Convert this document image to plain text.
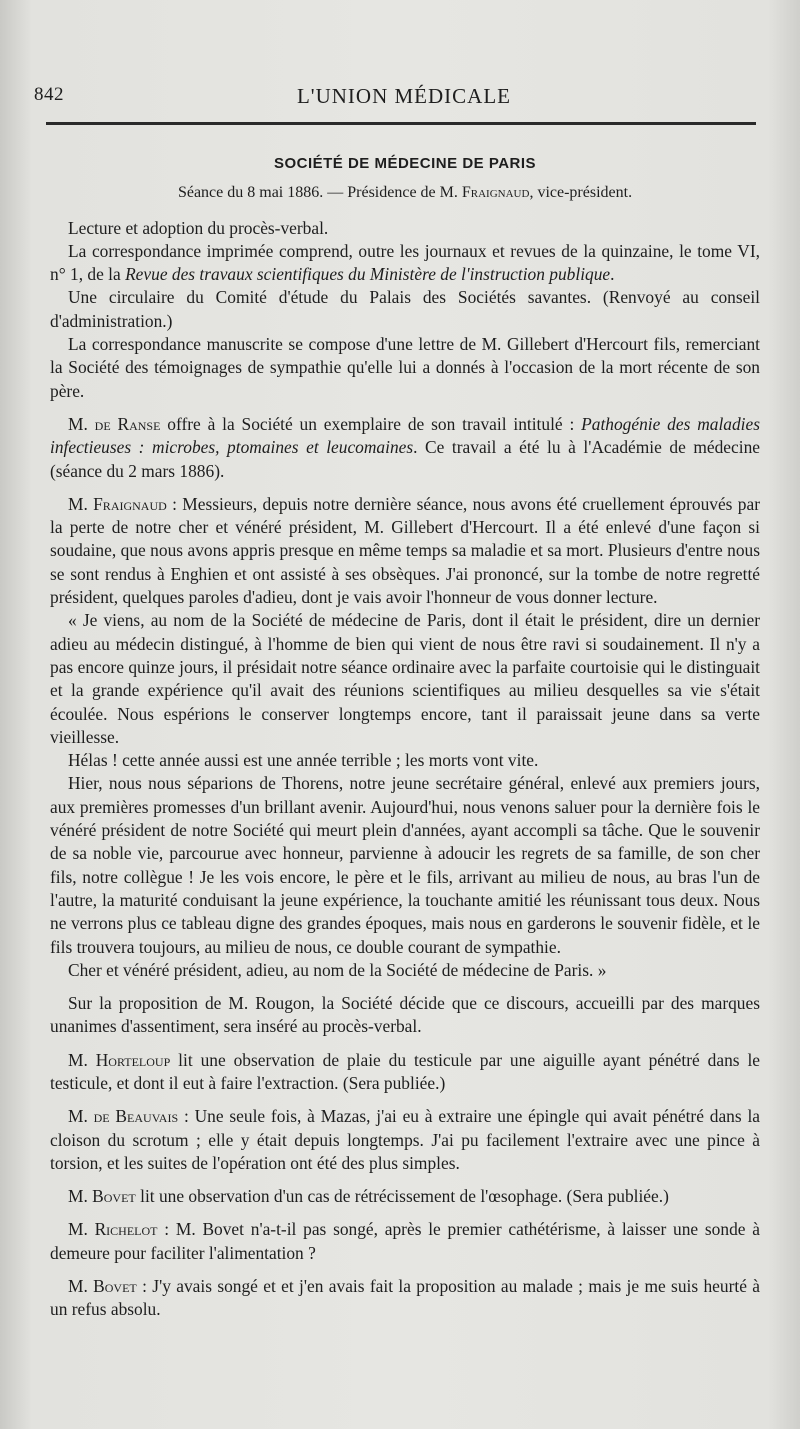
842	L'UNION MÉDICALE
SOCIÉTÉ DE MÉDECINE DE PARIS
Séance du 8 mai 1886. — Présidence de M. Fraignaud, vice-président.

Lecture et adoption du procès-verbal.

La correspondance imprimée comprend, outre les journaux et revues de la quinzaine, le tome VI, n° 1, de la Revue des travaux scientifiques du Ministère de l'instruction publique.

Une circulaire du Comité d'étude du Palais des Sociétés savantes. (Renvoyé au conseil d'administration.)

La correspondance manuscrite se compose d'une lettre de M. Gillebert d'Hercourt fils, remerciant la Société des témoignages de sympathie qu'elle lui a donnés à l'occasion de la mort récente de son père.

M. de Ranse offre à la Société un exemplaire de son travail intitulé : Pathogénie des maladies infectieuses : microbes, ptomaines et leucomaines. Ce travail a été lu à l'Académie de médecine (séance du 2 mars 1886).

M. Fraignaud : Messieurs, depuis notre dernière séance, nous avons été cruellement éprouvés par la perte de notre cher et vénéré président, M. Gillebert d'Hercourt. Il a été enlevé d'une façon si soudaine, que nous avons appris presque en même temps sa maladie et sa mort. Plusieurs d'entre nous se sont rendus à Enghien et ont assisté à ses obsèques. J'ai prononcé, sur la tombe de notre regretté président, quelques paroles d'adieu, dont je vais avoir l'honneur de vous donner lecture.

« Je viens, au nom de la Société de médecine de Paris, dont il était le président, dire un dernier adieu au médecin distingué, à l'homme de bien qui vient de nous être ravi si soudainement. Il n'y a pas encore quinze jours, il présidait notre séance ordinaire avec la parfaite courtoisie qui le distinguait et la grande expérience qu'il avait des réunions scientifiques au milieu desquelles sa vie s'était écoulée. Nous espérions le conserver longtemps encore, tant il paraissait jeune dans sa verte vieillesse.

Hélas ! cette année aussi est une année terrible ; les morts vont vite.

Hier, nous nous séparions de Thorens, notre jeune secrétaire général, enlevé aux premiers jours, aux premières promesses d'un brillant avenir. Aujourd'hui, nous venons saluer pour la dernière fois le vénéré président de notre Société qui meurt plein d'années, ayant accompli sa tâche. Que le souvenir de sa noble vie, parcourue avec honneur, parvienne à adoucir les regrets de sa famille, de son cher fils, notre collègue ! Je les vois encore, le père et le fils, arrivant au milieu de nous, au bras l'un de l'autre, la maturité conduisant la jeune expérience, la touchante amitié les réunissant tous deux. Nous ne verrons plus ce tableau digne des grandes époques, mais nous en garderons le souvenir fidèle, et le fils trouvera toujours, au milieu de nous, ce double courant de sympathie.

Cher et vénéré président, adieu, au nom de la Société de médecine de Paris. »

Sur la proposition de M. Rougon, la Société décide que ce discours, accueilli par des marques unanimes d'assentiment, sera inséré au procès-verbal.

M. Horteloup lit une observation de plaie du testicule par une aiguille ayant pénétré dans le testicule, et dont il eut à faire l'extraction. (Sera publiée.)

M. de Beauvais : Une seule fois, à Mazas, j'ai eu à extraire une épingle qui avait pénétré dans la cloison du scrotum ; elle y était depuis longtemps. J'ai pu facilement l'extraire avec une pince à torsion, et les suites de l'opération ont été des plus simples.

M. Bovet lit une observation d'un cas de rétrécissement de l'œsophage. (Sera publiée.)

M. Richelot : M. Bovet n'a-t-il pas songé, après le premier cathétérisme, à laisser une sonde à demeure pour faciliter l'alimentation ?

M. Bovet : J'y avais songé et et j'en avais fait la proposition au malade ; mais je me suis heurté à un refus absolu.
